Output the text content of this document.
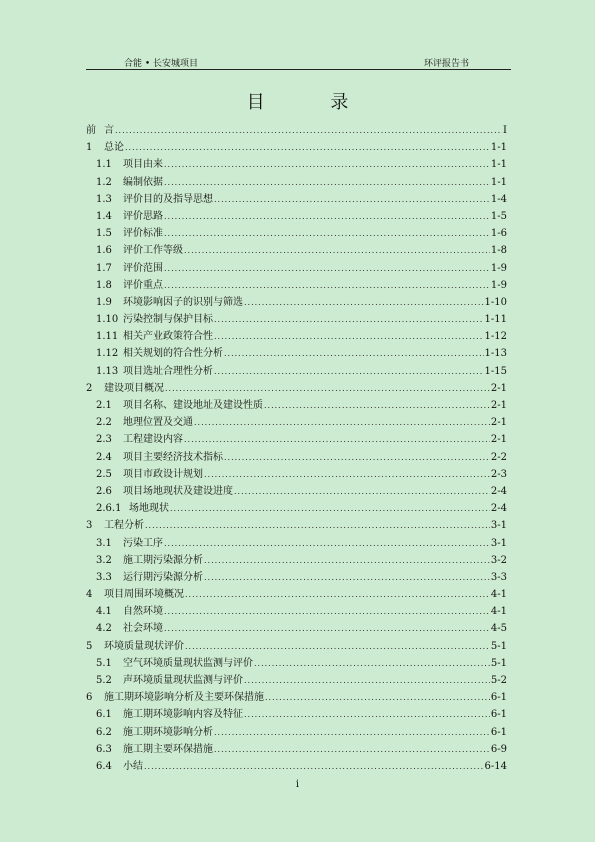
合能 • 长安城项目	环评报告书
目 录
前 言 .....	I
1	总论 .....	1-1
1.1	项目由来 .....	1-1
1.2	编制依据 .....	1-1
1.3	评价目的及指导思想 .....	1-4
1.4	评价思路 .....	1-5
1.5	评价标准 .....	1-6
1.6	评价工作等级 .....	1-8
1.7	评价范围 .....	1-9
1.8	评价重点 .....	1-9
1.9	环境影响因子的识别与筛选 .....	1-10
1.10 污染控制与保护目标 .....	1-11
1.11 相关产业政策符合性 .....	1-12
1.12 相关规划的符合性分析 .....	1-13
1.13 项目选址合理性分析 .....	1-15
2	建设项目概况 .....	2-1
2.1	项目名称、建设地址及建设性质 .....	2-1
2.2	地理位置及交通 .....	2-1
2.3	工程建设内容 .....	2-1
2.4	项目主要经济技术指标 .....	2-2
2.5	项目市政设计规划 .....	2-3
2.6	项目场地现状及建设进度 .....	2-4
2.6.1 场地现状 .....	2-4
3	工程分析 .....	3-1
3.1	污染工序 .....	3-1
3.2	施工期污染源分析 .....	3-2
3.3	运行期污染源分析 .....	3-3
4	项目周围环境概况 .....	4-1
4.1	自然环境 .....	4-1
4.2	社会环境 .....	4-5
5	环境质量现状评价 .....	5-1
5.1	空气环境质量现状监测与评价 .....	5-1
5.2	声环境质量现状监测与评价 .....	5-2
6	施工期环境影响分析及主要环保措施 .....	6-1
6.1	施工期环境影响内容及特征 .....	6-1
6.2	施工期环境影响分析 .....	6-1
6.3	施工期主要环保措施 .....	6-9
6.4	小结 .....	6-14
i
